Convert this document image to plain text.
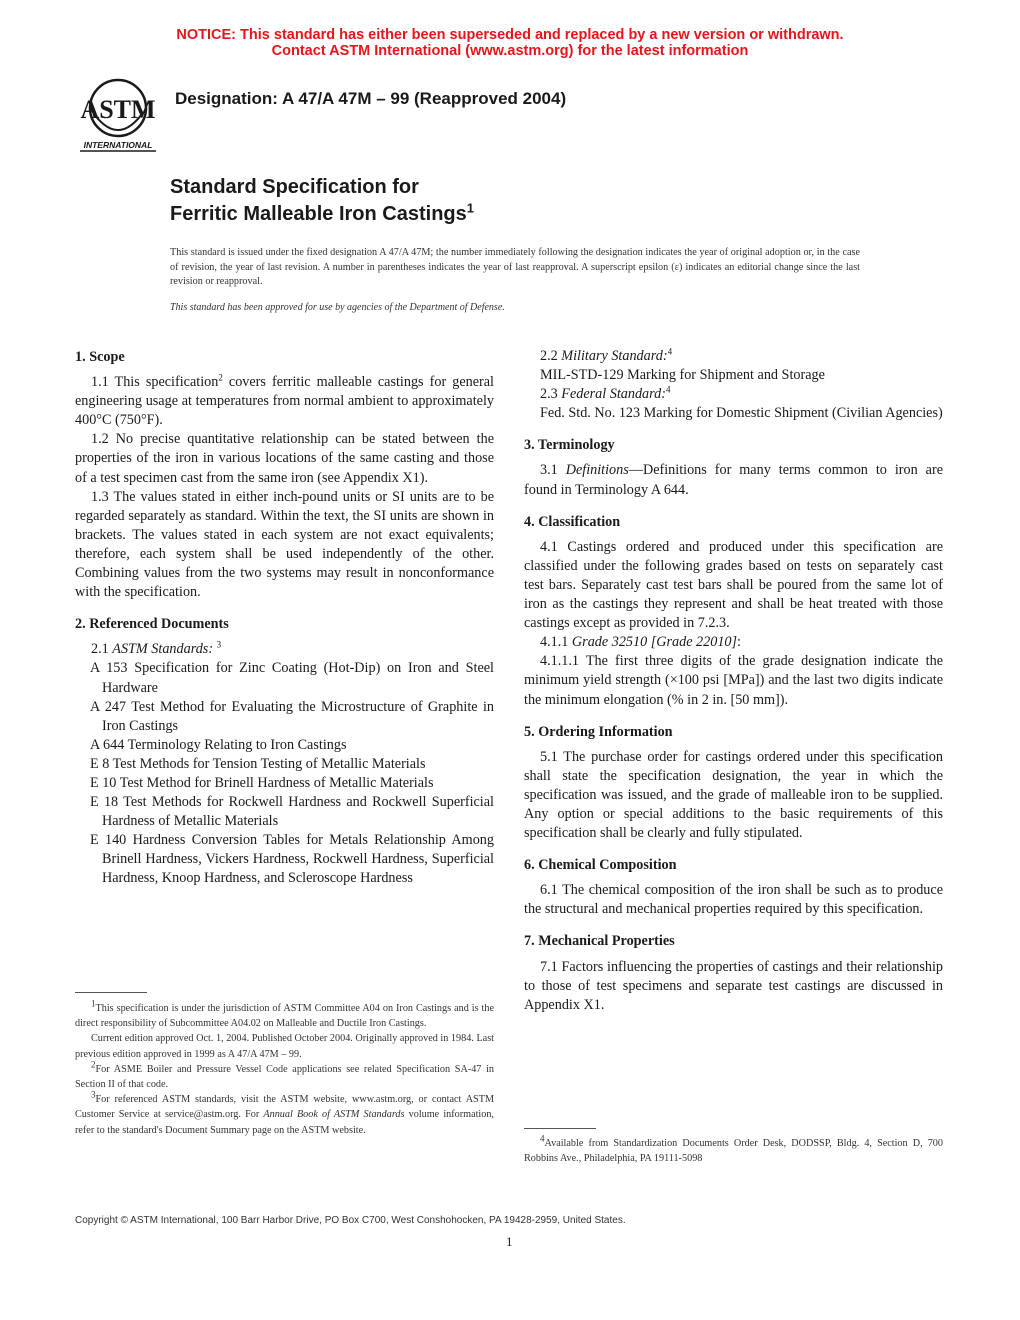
NOTICE: This standard has either been superseded and replaced by a new version or withdrawn.
Contact ASTM International (www.astm.org) for the latest information
ASTM
INTERNATIONAL
Designation: A 47/A 47M – 99 (Reapproved 2004)
Standard Specification for
Ferritic Malleable Iron Castings$^1$
This standard is issued under the fixed designation A 47/A 47M; the number immediately following the designation indicates the year of original adoption or, in the case of revision, the year of last revision. A number in parentheses indicates the year of last reapproval. A superscript epsilon (ε) indicates an editorial change since the last revision or reapproval.
This standard has been approved for use by agencies of the Department of Defense.
1. Scope

1.1 This specification$^2$ covers ferritic malleable castings for general engineering usage at temperatures from normal ambient to approximately 400°C (750°F).

1.2 No precise quantitative relationship can be stated between the properties of the iron in various locations of the same casting and those of a test specimen cast from the same iron (see Appendix X1).

1.3 The values stated in either inch-pound units or SI units are to be regarded separately as standard. Within the text, the SI units are shown in brackets. The values stated in each system are not exact equivalents; therefore, each system shall be used independently of the other. Combining values from the two systems may result in nonconformance with the specification.

2. Referenced Documents

2.1 ASTM Standards: $^3$

A 153 Specification for Zinc Coating (Hot-Dip) on Iron and Steel Hardware

A 247 Test Method for Evaluating the Microstructure of Graphite in Iron Castings

A 644 Terminology Relating to Iron Castings

E 8 Test Methods for Tension Testing of Metallic Materials

E 10 Test Method for Brinell Hardness of Metallic Materials

E 18 Test Methods for Rockwell Hardness and Rockwell Superficial Hardness of Metallic Materials

E 140 Hardness Conversion Tables for Metals Relationship Among Brinell Hardness, Vickers Hardness, Rockwell Hardness, Superficial Hardness, Knoop Hardness, and Scleroscope Hardness

$^1$This specification is under the jurisdiction of ASTM Committee A04 on Iron Castings and is the direct responsibility of Subcommittee A04.02 on Malleable and Ductile Iron Castings.

Current edition approved Oct. 1, 2004. Published October 2004. Originally approved in 1984. Last previous edition approved in 1999 as A 47/A 47M – 99.

$^2$For ASME Boiler and Pressure Vessel Code applications see related Specification SA-47 in Section II of that code.

$^3$For referenced ASTM standards, visit the ASTM website, www.astm.org, or contact ASTM Customer Service at service@astm.org. For Annual Book of ASTM Standards volume information, refer to the standard's Document Summary page on the ASTM website.

2.2 Military Standard:$^4$

MIL-STD-129 Marking for Shipment and Storage

2.3 Federal Standard:$^4$

Fed. Std. No. 123 Marking for Domestic Shipment (Civilian Agencies)

3. Terminology

3.1 Definitions—Definitions for many terms common to iron are found in Terminology A 644.

4. Classification

4.1 Castings ordered and produced under this specification are classified under the following grades based on tests on separately cast test bars. Separately cast test bars shall be poured from the same lot of iron as the castings they represent and shall be heat treated with those castings except as provided in 7.2.3.

4.1.1 Grade 32510 [Grade 22010]:

4.1.1.1 The first three digits of the grade designation indicate the minimum yield strength (×100 psi [MPa]) and the last two digits indicate the minimum elongation (% in 2 in. [50 mm]).

5. Ordering Information

5.1 The purchase order for castings ordered under this specification shall state the specification designation, the year in which the specification was issued, and the grade of malleable iron to be supplied. Any option or special additions to the basic requirements of this specification shall be clearly and fully stipulated.

6. Chemical Composition

6.1 The chemical composition of the iron shall be such as to produce the structural and mechanical properties required by this specification.

7. Mechanical Properties

7.1 Factors influencing the properties of castings and their relationship to those of test specimens and separate test castings are discussed in Appendix X1.

$^4$Available from Standardization Documents Order Desk, DODSSP, Bldg. 4, Section D, 700 Robbins Ave., Philadelphia, PA 19111-5098

Copyright © ASTM International, 100 Barr Harbor Drive, PO Box C700, West Conshohocken, PA 19428-2959, United States.
1
